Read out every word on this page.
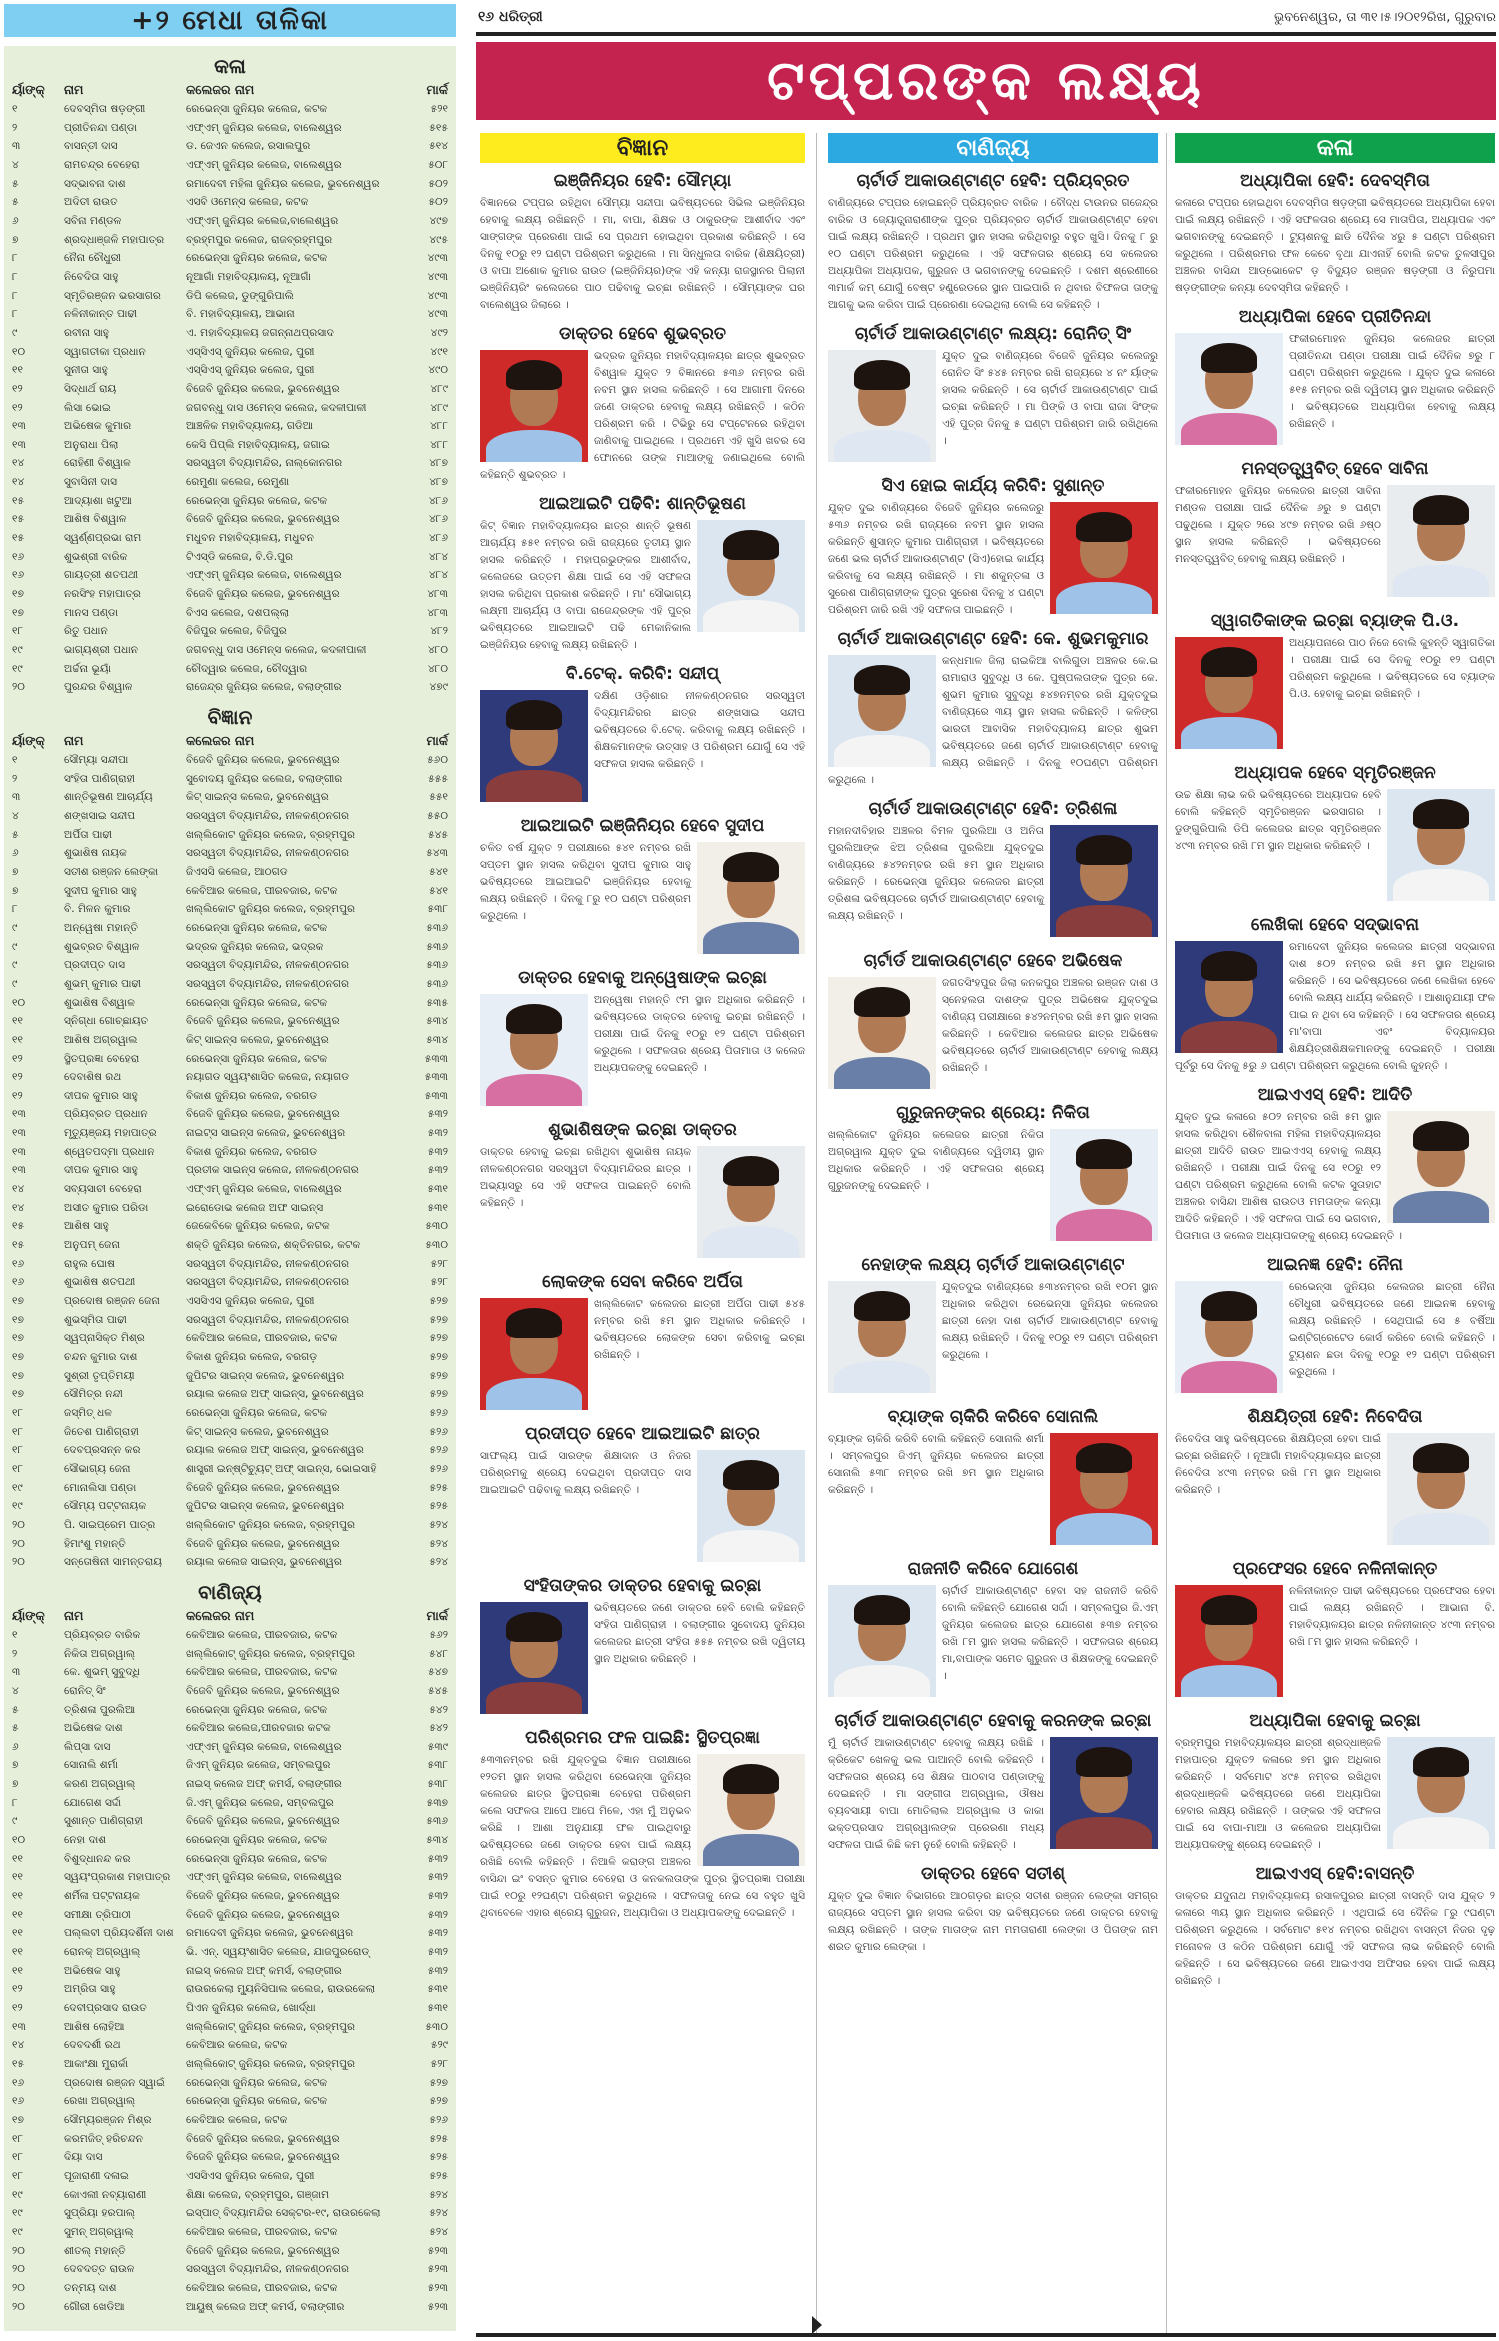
+୨ ମେଧା ତାଳିକା
କଳା
ର୍ୟାଙ୍କ୍	ନାମ	କଲେଜର ନାମ	ମାର୍କ
୧	ଦେବସ୍ମିତା ଷଡ଼ଙ୍ଗୀ	ରେଭେନ୍ସା ଜୁନିୟର କଲେଜ, କଟକ	୫୨୧
୨	ପ୍ରୀତିନନ୍ଦା ପଣ୍ଡା	ଏଫ୍ଏମ୍ ଜୁନିୟର କଲେଜ, ବାଲେଶ୍ୱର	୫୧୫
୩	ବାସନ୍ତୀ ଦାସ	ଡ. ଜେଏନ କଲେଜ, ରସାଲପୁର	୫୧୪
୪	ରାମଚନ୍ଦ୍ର ବେହେରା	ଏଫ୍ଏମ୍ ଜୁନିୟର କଲେଜ, ବାଲେଶ୍ୱର	୫୦୮
୫	ସଦ୍ଭାବନା ଦାଶ	ରମାଦେବୀ ମହିଳା ଜୁନିୟର କଲେଜ, ଭୁବନେଶ୍ୱର	୫୦୨
୫	ଅଦିତୀ ରାଉତ	ଏସବି ଓମେନ୍ସ କଲେଜ, କଟକ	୫୦୨
୬	ସବିନା ମଣ୍ଡଳ	ଏଫ୍ଏମ୍ ଜୁନିୟର କଲେଜ,ବାଲେଶ୍ୱର	୪୯୭
୭	ଶ୍ରଦ୍ଧାଞ୍ଜଳି ମହାପାତ୍ର	ବ୍ରହ୍ମପୁର କଲେଜ, ରାଜବ୍ରହ୍ମପୁର	୪୯୫
୮	ନୈନା ଚୌଧୁରୀ	ରେଭେନ୍ସା ଜୁନିୟର କଲେଜ, କଟକ	୪୯୩
୮	ନିବେଦିତା ସାହୁ	ନୂଆଗାଁ ମହାବିଦ୍ୟାଳୟ, ନୂଆଗାଁ	୪୯୩
୮	ସ୍ମୃତିରଞ୍ଜନ ଭରସାଗର	ଡିପି କଲେଜ, ଡୁଙ୍ଗୁରିପାଲି	୪୯୩
୮	ନଳିନୀକାନ୍ତ ପାଢୀ	ବି. ମହାବିଦ୍ୟାଳୟ, ଆଭାନା	୪୯୩
୯	ରବୀନା ସାହୁ	ଏ. ମହାବିଦ୍ୟାଳୟ ଜଗନ୍ନାଥପ୍ରସାଦ	୪୯୨
୧୦	ସ୍ୱାଗତୀକା ପ୍ରଧାନ	ଏସ୍ସିଏସ୍ ଜୁନିୟର କଲେଜ, ପୁରୀ	୪୯୧
୧୧	ସୁନୀତା ସାହୁ	ଏସ୍ସିଏସ୍ ଜୁନିୟର କଲେଜ, ପୁରୀ	୪୯୦
୧୨	ସିଦ୍ଧାର୍ଥ ରାୟ	ବିଜେବି ଜୁନିୟର କଲେଜ, ଭୁବନେଶ୍ୱର	୪୮୯
୧୨	ଲିସା ଭୋଇ	ଜଗବନ୍ଧୁ ଦାସ ଓମେନ୍ସ କଲେଜ, କଦଳୀପାଳୀ	୪୮୯
୧୩	ଅଭିଷେକ କୁମାର	ଆଞ୍ଚଳିକ ମହାବିଦ୍ୟାଳୟ, ଗଡିଆ	୪୮୮
୧୩	ଅନୁରାଧା ପିଲା	କେସି ପିପ୍ଲି ମହାବିଦ୍ୟାଳୟ, ଜଗାଇ	୪୮୮
୧୪	ରୋହିଣୀ ବିଶ୍ୱାଳ	ସରସ୍ୱତୀ ବିଦ୍ୟାମନ୍ଦିର, ନାଲ୍କୋନଗର	୪୮୭
୧୪	ସୁବାସିନୀ ଦାସ	ରେମୁଣା କଲେଜ, ରେମୁଣା	୪୮୭
୧୫	ଆଦ୍ୟାଶା ଖଟୁଆ	ରେଭେନ୍ସା ଜୁନିୟର କଲେଜ, କଟକ	୪୮୬
୧୫	ଆଶିଷ ବିଶ୍ୱାଳ	ବିଜେବି ଜୁନିୟର କଲେଜ, ଭୁବନେଶ୍ୱର	୪୮୬
୧୫	ସ୍ୱର୍ଣ୍ଣପ୍ରଭା ରାମ	ମଧୁବନ ମହାବିଦ୍ୟାଳୟ, ମଧୁବନ	୪୮୬
୧୬	ଶୁଭଶ୍ରୀ ବାରିକ	ଟିଏସ୍ଡି କଲେଜ, ବି.ଡି.ପୁର	୪୮୪
୧୬	ଗାୟତ୍ରୀ ଶତପଥୀ	ଏଫ୍ଏମ୍ ଜୁନିୟର କଲେଜ, ବାଲେଶ୍ୱର	୪୮୪
୧୭	ନରସିଂହ ମହାପାତ୍ର	ବିଜେବି ଜୁନିୟର କଲେଜ, ଭୁବନେଶ୍ୱର	୪୮୩
୧୭	ମାନସ ପଣ୍ଡା	ବିଏସ କଲେଜ, ଦଶପଲ୍ଲା	୪୮୩
୧୮	ରିତୁ ପଧାନ	ବିଜିପୁର କଲେଜ, ବିଜିପୁର	୪୮୨
୧୯	ଭାଗ୍ୟଶ୍ରୀ ପଧାନ	ଜଗବନ୍ଧୁ ଦାସ ଓମେନ୍ସ କଲେଜ, କଦଳୀପାଳୀ	୪୮୦
୧୯	ଅର୍ଚ୍ଚନା ଭୂୟାଁ	ଚୌଦ୍ୱାର କଲେଜ, ଚୌଦ୍ୱାର	୪୮୦
୨୦	ପୁରନ୍ଦର ବିଶ୍ୱାଳ	ରାଜେନ୍ଦ୍ର ଜୁନିୟର କଲେଜ, ବଲାଙ୍ଗୀର	୪୭୯
ବିଜ୍ଞାନ
ର୍ୟାଙ୍କ୍	ନାମ	କଲେଜର ନାମ	ମାର୍କ
୧	ସୌମ୍ୟା ସନ୍ଦୀପା	ବିଜେବି ଜୁନିୟର କଲେଜ, ଭୁବନେଶ୍ୱର	୫୬୦
୨	ସଂହିତା ପାଣିଗ୍ରାହୀ	ସୁବୋଦୟ ଜୁନିୟର କଲେଜ, ବଲାଙ୍ଗୀର	୫୫୫
୩	ଶାନ୍ତିଭୂଷଣ ଆଚାର୍ଯ୍ୟ	କିଟ୍ ସାଇନ୍ସ କଲେଜ, ଭୁବନେଶ୍ୱର	୫୫୧
୪	ଶଙ୍ଖସାଇ ସନ୍ଦୀପ	ସରସ୍ୱତୀ ବିଦ୍ୟାମନ୍ଦିର, ନୀଳକଣ୍ଠନଗର	୫୫୦
୫	ଅର୍ପିତା ପାଢୀ	ଖଲ୍ଲିକୋଟ ଜୁନିୟର କଲେଜ, ବ୍ରହ୍ମପୁର	୫୪୫
୬	ଶୁଭାଶିଷ ନାୟକ	ସରସ୍ୱତୀ ବିଦ୍ୟାମନ୍ଦିର, ନୀଳକଣ୍ଠନଗର	୫୪୩
୭	ସତୀଶ ରଞ୍ଜନ ଲେଙ୍କା	ଜିଏସସି କଲେଜ, ଆଠଗଡ	୫୪୧
୭	ସୁଦୀପ କୁମାର ସାହୁ	କେବିଆର କଲେଜ, ପୀରବଜାର, କଟକ	୫୪୧
୮	ବି. ମିଳନ କୁମାର	ଖଲ୍ଲିକୋଟ ଜୁନିୟର କଲେଜ, ବ୍ରହ୍ମପୁର	୫୩୮
୯	ଅନ୍ୱେଷା ମହାନ୍ତି	ରେଭେନ୍ସା ଜୁନିୟର କଲେଜ, କଟକ	୫୩୬
୯	ଶୁଭବ୍ରତ ବିଶ୍ୱାଳ	ଭଦ୍ରକ ଜୁନିୟର କଲେଜ, ଭଦ୍ରକ	୫୩୬
୯	ପ୍ରଦୀପ୍ତ ଦାସ	ସରସ୍ୱତୀ ବିଦ୍ୟାମନ୍ଦିର, ନୀଳକଣ୍ଠନଗର	୫୩୬
୯	ଶୁଭମ୍ କୁମାର ପାଢୀ	ସରସ୍ୱତୀ ବିଦ୍ୟାମନ୍ଦିର, ନୀଳକଣ୍ଠନଗର	୫୩୬
୧୦	ଶୁଭାଶିଷ ବିଶ୍ୱାଳ	ରେଭେନ୍ସା ଜୁନିୟର କଲେଜ, କଟକ	୫୩୫
୧୧	ସ୍ନିଗ୍ଧା ଗୋଚ୍ଛାୟତ	ବିଜେବି ଜୁନିୟର କଲେଜ, ଭୁବନେଶ୍ୱର	୫୩୪
୧୧	ଆଶିଷ ଅଗ୍ରୱାଲ	କିଟ୍ ସାଇନ୍ସ କଲେଜ, ଭୁବନେଶ୍ୱର	୫୩୪
୧୨	ସ୍ଥିତପ୍ରଜ୍ଞା ବେହେରା	ରେଭେନ୍ସା ଜୁନିୟର କଲେଜ, କଟକ	୫୩୩
୧୨	ଦେବାଶିଷ ରଥ	ନୟାଗଡ ସ୍ୱୟଂଶାସିତ କଲେଜ, ନୟାଗଡ	୫୩୩
୧୨	ଦୀପକ କୁମାର ସାହୁ	ବିକାଶ ଜୁନିୟର କଲେଜ, ବରଗଡ	୫୩୩
୧୩	ପ୍ରିୟବ୍ରତ ପ୍ରଧାନ	ବିଜେବି ଜୁନିୟର କଲେଜ, ଭୁବନେଶ୍ୱର	୫୩୨
୧୩	ମୃତ୍ୟୁଞ୍ଜୟ ମହାପାତ୍ର	ନାଇଟ୍ସ ସାଇନ୍ସ କଲେଜ, ଭୁବନେଶ୍ୱର	୫୩୨
୧୩	ଶ୍ୱେତପଦ୍ମା ପ୍ରଧାନ	ବିକାଶ ଜୁନିୟର କଲେଜ, ବରଗଡ	୫୩୨
୧୩	ଦୀପକ କୁମାର ସାହୁ	ପ୍ରତୀକ ସାଇନ୍ସ କଲେଜ, ନୀଳକଣ୍ଠନଗର	୫୩୨
୧୪	ସବ୍ୟସାଚୀ ବେହେରା	ଏଫ୍ଏମ୍ ଜୁନିୟର କଲେଜ, ବାଲେଶ୍ୱର	୫୩୧
୧୪	ଅସୀତ କୁମାର ପରିଡା	ଇରୋଡୋଭ କଲେଜ ଅଫ ସାଇନ୍ସ	୫୩୧
୧୫	ଆଶିଷ ସାହୁ	ଜେକେବିକେ ଜୁନିୟର କଲେଜ, କଟକ	୫୩୦
୧୫	ଅନୁପମ୍ ଜେନା	ଶକ୍ତି ଜୁନିୟର କଲେଜ, ଶକ୍ତିନଗର, କଟକ	୫୩୦
୧୬	ରାହୁଲ ଘୋଷ	ସରସ୍ୱତୀ ବିଦ୍ୟାମନ୍ଦିର, ନୀଳକଣ୍ଠନଗର	୫୨୮
୧୬	ଶୁଭାଶିଷ ଶତପଥୀ	ସରସ୍ୱତୀ ବିଦ୍ୟାମନ୍ଦିର, ନୀଳକଣ୍ଠନଗର	୫୨୮
୧୭	ପ୍ରଦୋଷ ରଞ୍ଜନ ଜେନା	ଏସସିଏସ ଜୁନିୟର କଲେଜ, ପୁରୀ	୫୨୭
୧୭	ଶୁଭସ୍ମିତା ପାଢୀ	ସରସ୍ୱତୀ ବିଦ୍ୟାମନ୍ଦିର, ନୀଳକଣ୍ଠନଗର	୫୨୭
୧୭	ସ୍ୱପ୍ନାସିକ୍ତ ମିଶ୍ର	କେବିଆର କଲେଜ, ପୀରବଜାର, କଟକ	୫୨୭
୧୭	ଚନ୍ଦନ କୁମାର ଦାଶ	ବିକାଶ ଜୁନିୟର କଲେଜ, ବରଗଡ଼	୫୨୭
୧୭	ସୁଶ୍ରୀ ତୃପ୍ତିମୟୀ	ଜୁପିଟର ସାଇନ୍ସ କଲେଜ, ଭୁବନେଶ୍ୱର	୫୨୭
୧୭	ସୌମିତ୍ର ନନ୍ଦୀ	ରୟାଲ କଲେଜ ଅଫ୍ ସାଇନ୍ସ, ଭୁବନେଶ୍ୱର	୫୨୭
୧୮	ଜସ୍ମିତ୍ ଧଳ	ରେଭେନ୍ସା ଜୁନିୟର କଲେଜ, କଟକ	୫୨୬
୧୮	ଜିତେଶ ପାଣିଗ୍ରାହୀ	କିଟ୍ ସାଇନ୍ସ କଲେଜ, ଭୁବନେଶ୍ୱର	୫୨୬
୧୮	ଦେବପ୍ରସନ୍ନ କର	ରୟାଲ କଲେଜ ଅଫ୍ ସାଇନ୍ସ, ଭୁବନେଶ୍ୱର	୫୨୬
୧୮	ସୌଭାଗ୍ୟ ଜେନା	ଶାସ୍ତ୍ରୀ ଇନ୍ଷ୍ଟିଚ୍ୟୁଟ୍ ଅଫ୍ ସାଇନ୍ସ, ଭୋଇସାହି	୫୨୬
୧୯	ମୋନାଲିସା ପଣ୍ଡା	ବିଜେବି ଜୁନିୟର କଲେଜ, ଭୁବନେଶ୍ୱର	୫୨୫
୧୯	ସୌମ୍ୟ ପଟ୍ଟନାୟକ	ଜୁପିଟର ସାଇନ୍ସ କଲେଜ, ଭୁବନେଶ୍ୱର	୫୨୫
୨୦	ପି. ସାଇପ୍ରେମ ପାତ୍ର	ଖଲ୍ଲିକୋଟ ଜୁନିୟର କଲେଜ, ବ୍ରହ୍ମପୁର	୫୨୪
୨୦	ହିମାଂଶୁ ମହାନ୍ତି	ବିଜେବି ଜୁନିୟର କଲେଜ, ଭୁବନେଶ୍ୱର	୫୨୪
୨୦	ସନ୍ତୋଷିନୀ ସାମନ୍ତରାୟ	ରୟାଲ କଲେଜ ସାଇନ୍ସ, ଭୁବନେଶ୍ୱର	୫୨୪
ବାଣିଜ୍ୟ
ର୍ୟାଙ୍କ୍	ନାମ	କଲେଜର ନାମ	ମାର୍କ
୧	ପ୍ରିୟବ୍ରତ ବାରିକ	କେବିଆର କଲେଜ, ପୀରବଜାର, କଟକ	୫୬୨
୨	ନିକିତା ଅଗ୍ରୱାଲ୍	ଖଲ୍ଲିକୋଟ୍ ଜୁନିୟର କଲେଜ, ବ୍ରହ୍ମପୁର	୫୪୮
୩	କେ. ଶୁଭମ୍ ସୁବୁଦ୍ଧି	କେବିଆର କଲେଜ, ପୀରବଜାର, କଟକ	୫୪୭
୪	ରୋନିତ୍ ସିଂ	ବିଜେବି ଜୁନିୟର କଲେଜ, ଭୁବନେଶ୍ୱର	୫୪୫
୫	ତ୍ରିଶଳା ପୁରଲିଆ	ରେଭେନ୍ସା ଜୁନିୟର କଲେଜ, କଟକ	୫୪୨
୫	ଅଭିଷେକ ଦାଶ	କେବିଆର କଲେଜ,ପୀରବଜାର କଟକ	୫୪୨
୬	ଲିପ୍ସା ଦାସ	ଏଫ୍ଏମ୍ ଜୁନିୟର କଲେଜ, ବାଲେଶ୍ୱର	୫୩୯
୭	ସୋନାଲି ଶର୍ମା	ଜିଏମ୍ ଜୁନିୟର କଲେଜ, ସମ୍ବଲପୁର	୫୩୮
୭	କରଣ ଅଗ୍ରୱାଲ୍	ନାଇସ୍ କଲେଜ ଅଫ୍ କମର୍ସ, ବଲାଙ୍ଗୀର	୫୩୮
୮	ଯୋଗେଶ ସର୍ଦ୍ଦା	ଜି.ଏମ୍ ଜୁନିୟର କଲେଜ, ସମ୍ବଲପୁର	୫୩୭
୯	ସୁଶାନ୍ତ ପାଣିଗ୍ରାହୀ	ବିଜେବି ଜୁନିୟର କଲେଜ, ଭୁବନେଶ୍ୱର	୫୩୬
୧୦	ନେହା ଦାଶ	ରେଭେନ୍ସା ଜୁନିୟର କଲେଜ, କଟକ	୫୩୪
୧୧	ବିଶୁଦ୍ଧାନନ୍ଦ କର	ରେଭେନ୍ସା ଜୁନିୟର କଲେଜ, କଟକ	୫୩୨
୧୧	ସ୍ୱୟଂପ୍ରକାଶ ମହାପାତ୍ର	ଏଫ୍ଏମ୍ ଜୁନିୟର କଲେଜ, ବାଲେଶ୍ୱର	୫୩୨
୧୧	ଶର୍ମିଳା ପଟ୍ଟନାୟକ	ବିଜେବି ଜୁନିୟର କଲେଜ, ଭୁବନେଶ୍ୱର	୫୩୨
୧୧	ସମୀକ୍ଷା ତ୍ରିପାଠୀ	ବିଜେବି ଜୁନିୟର କଲେଜ, ଭୁବନେଶ୍ୱର	୫୩୨
୧୧	ପଲ୍ଲବୀ ପ୍ରିୟଦର୍ଶିନୀ ଦାଶ	ରମାଦେବୀ ଜୁନିୟର କଲେଜ, ଭୁବନେଶ୍ୱର	୫୩୨
୧୧	ରୋନକ୍ ଅଗ୍ରୱାଲ୍	ଭି. ଏନ୍. ସ୍ୱୟଂଶାସିତ କଲେଜ, ଯାଜପୁରରୋଡ୍	୫୩୨
୧୧	ଅଭିଷେକ ସାହୁ	ନାଇସ୍ କଲେଜ ଅଫ୍ କମର୍ସ, ବଲାଙ୍ଗୀର	୫୩୨
୧୨	ଅମ୍ରିତା ସାହୁ	ରାଉରକେଲା ମ୍ୟୁନିସିପାଲ କଲେଜ, ରାଉରକେଲା	୫୩୧
୧୨	ଦେବୀପ୍ରସାଦ ରାଉତ	ପିଏନ ଜୁନିୟର କଲେଜ, ଖୋର୍ଦ୍ଧା	୫୩୧
୧୩	ଆଶିଷ ଲୋହିଆ	ଖଲ୍ଲିକୋଟ୍ ଜୁନିୟର କଲେଜ, ବ୍ରହ୍ମପୁର	୫୩୦
୧୪	ଦେବଦର୍ଶୀ ରଥ	କେବିଆର କଲେଜ, କଟକ	୫୨୯
୧୫	ଆକାଂକ୍ଷା ମୁରାର୍କା	ଖଲ୍ଲିକୋଟ୍ ଜୁନିୟର କଲେଜ, ବ୍ରହ୍ମପୁର	୫୨୮
୧୬	ପ୍ରଦୋଷ ରଞ୍ଜନ ସ୍ୱାଇଁ	ରେଭେନ୍ସା ଜୁନିୟର କଲେଜ, କଟକ	୫୨୭
୧୬	ରେଖା ଅଗ୍ରୱାଲ୍	ରେଭେନ୍ସା ଜୁନିୟର କଲେଜ, କଟକ	୫୨୭
୧୭	ସୌମ୍ୟରଞ୍ଜନ ମିଶ୍ର	କେବିଆର କଲେଜ, କଟକ	୫୨୬
୧୮	କରମଜିତ୍ ହରିଚନ୍ଦନ	ବିଜେବି ଜୁନିୟର କଲେଜ, ଭୁବନେଶ୍ୱର	୫୨୫
୧୮	ଦିୟା ଦାସ	ବିଜେବି ଜୁନିୟର କଲେଜ, ଭୁବନେଶ୍ୱର	୫୨୫
୧୮	ପୂଜାରାଣୀ ଦଳାଇ	ଏସସିଏସ ଜୁନିୟର କଲେଜ, ପୁରୀ	୫୨୫
୧୯	କୋଏଲୀ ନବ୍ୟାରାଣୀ	ଶିକ୍ଷା କଲେଜ, ବ୍ରହ୍ମପୁର, ଗଞ୍ଜାମ	୫୨୪
୧୯	ସୁପ୍ରିୟା ହରପାଲ୍	ଇସ୍ପାତ୍ ବିଦ୍ୟାମନ୍ଦିର ସେକ୍ଟର-୧୯, ରାଉରକେଲା	୫୨୪
୧୯	ସୁମନ୍ ଅଗ୍ରୱାଲ୍	କେବିଆର କଲେଜ, ପୀରବଜାର, କଟକ	୫୨୪
୨୦	ଶୀତଲ୍ ମହାନ୍ତି	ବିଜେବି ଜୁନିୟର କଲେଜ, ଭୁବନେଶ୍ୱର	୫୨୩
୨୦	ଦେବଦତ୍ତ ରାଉଳ	ସରସ୍ୱତୀ ବିଦ୍ୟାମନ୍ଦିର, ନୀଳକଣ୍ଠନଗର	୫୨୩
୨୦	ତନ୍ମୟ ଦାଶ	କେବିଆର କଲେଜ, ପୀରବଜାର, କଟକ	୫୨୩
୨୦	ଗୌରୀ ଖେଡିଆ	ଆୟୁଷ୍ କଲେଜ ଅଫ୍ କମର୍ସ, ବଲାଙ୍ଗୀର	୫୨୩
୧୬ ଧରିତ୍ରୀ	ଭୁବନେଶ୍ୱର, ତା ୩୧।୫।୨୦୧୨ରିଖ, ଗୁରୁବାର
ଟପ୍ପରଙ୍କ ଲକ୍ଷ୍ୟ
ବିଜ୍ଞାନ
ଇଞ୍ଜିନିୟର ହେବି: ସୌମ୍ୟା

ବିଜ୍ଞାନରେ ଟପ୍ପର ରହିଥିବା ସୌମ୍ୟା ସନ୍ଦୀପା ଭବିଷ୍ୟତରେ ସିଭିଲ ଇଞ୍ଜିନିୟର ହେବାକୁ ଲକ୍ଷ୍ୟ ରଖିଛନ୍ତି । ମା, ବାପା, ଶିକ୍ଷକ ଓ ଠାକୁରଙ୍କ ଆଶୀର୍ବାଦ ଏବଂ ସାଙ୍ଗଙ୍କ ପ୍ରେରଣା ପାଇଁ ସେ ପ୍ରଥମ ହୋଇଥିବା ପ୍ରକାଶ କରିଛନ୍ତି । ସେ ଦିନକୁ ୧୦ରୁ ୧୨ ଘଣ୍ଟା ପରିଶ୍ରମ କରୁଥିଲେ । ମା ସିନ୍ଧୁଲତା ବାରିକ (ଶିକ୍ଷୟିତ୍ରୀ) ଓ ବାପା ଅଶୋକ କୁମାର ରାଉତ (ଇଞ୍ଜିନିୟର)ଙ୍କ ଏହି କନ୍ୟା ରାଜସ୍ଥାନର ପିଲାନୀ ଇଞ୍ଜିନିୟରିଂ କଲେଜରେ ପାଠ ପଢିବାକୁ ଇଚ୍ଛା ରଖିଛନ୍ତି । ସୌମ୍ୟାଙ୍କ ଘର ବାଲେଶ୍ୱର ଜିଲାରେ ।

ଡାକ୍ତର ହେବେ ଶୁଭବ୍ରତ

ଭଦ୍ରକ ଜୁନିୟର ମହାବିଦ୍ୟାଳୟର ଛାତ୍ର ଶୁଭବ୍ରତ ବିଶ୍ୱାଳ ଯୁକ୍ତ ୨ ବିଜ୍ଞାନରେ ୫୩୬ ନମ୍ବର ରଖି ନବମ ସ୍ଥାନ ହାସଲ କରିଛନ୍ତି । ସେ ଆଗାମୀ ଦିନରେ ଜଣେ ଡାକ୍ତର ହେବାକୁ ଲକ୍ଷ୍ୟ ରଖିଛନ୍ତି । କଠିନ ପରିଶ୍ରମ କରି । ଟିଭିରୁ ସେ ଟପ୍ଟେନରେ ରହିଥିବା ଜାଣିବାକୁ ପାଇଥିଲେ । ପ୍ରଥମେ ଏହି ଖୁସି ଖବର ସେ ଫୋନରେ ତାଙ୍କ ମାଆଙ୍କୁ ଜଣାଇଥିଲେ ବୋଲି କହିଛନ୍ତି ଶୁଭବ୍ରତ ।

ଆଇଆଇଟି ପଢିବି: ଶାନ୍ତିଭୂଷଣ

କିଟ୍ ବିଜ୍ଞାନ ମହାବିଦ୍ୟାଳୟର ଛାତ୍ର ଶାନ୍ତି ଭୂଷଣ ଆଚାର୍ଯ୍ୟ ୫୫୧ ନମ୍ବର ରଖି ରାଜ୍ୟରେ ତୃତୀୟ ସ୍ଥାନ ହାସଲ କରିଛନ୍ତି । ମହାପ୍ରଭୁଙ୍କର ଆଶୀର୍ବାଦ, କଲେଜରେ ଉତ୍ତମ ଶିକ୍ଷା ପାଇଁ ସେ ଏହି ସଫଳତା ହାସଲ କରିଥିବା ପ୍ରକାଶ କରିଛନ୍ତି । ମା' ସୌଭାଗ୍ୟ ଲକ୍ଷ୍ମୀ ଆଚାର୍ଯ୍ୟ ଓ ବାପା ରାଜେନ୍ଦ୍ରଙ୍କ ଏହି ପୁତ୍ର ଭବିଷ୍ୟତରେ ଆଇଆଇଟି ପଢି ମେକାନିକାଲ ଇଞ୍ଜିନିୟର ହେବାକୁ ଲକ୍ଷ୍ୟ ରଖିଛନ୍ତି ।

ବି.ଟେକ୍. କରିବି: ସନ୍ଦୀପ୍

ଦକ୍ଷିଣ ଓଡ଼ିଶାର ନୀଳକଣ୍ଠନଗର ସରସ୍ୱତୀ ବିଦ୍ୟାମନ୍ଦିରର ଛାତ୍ର ଶଙ୍ଖସାଇ ସନ୍ଦୀପ ଭବିଷ୍ୟତରେ ବି.ଟେକ୍. କରିବାକୁ ଲକ୍ଷ୍ୟ ରଖିଛନ୍ତି । ଶିକ୍ଷକମାନଙ୍କ ଉତ୍ସାହ ଓ ପରିଶ୍ରମ ଯୋଗୁଁ ସେ ଏହି ସଫଳତା ହାସଲ କରିଛନ୍ତି ।

ଆଇଆଇଟି ଇଞ୍ଜିନିୟର ହେବେ ସୁଦୀପ

ଚଳିତ ବର୍ଷ ଯୁକ୍ତ ୨ ପରୀକ୍ଷାରେ ୫୪୧ ନମ୍ବର ରଖି ସପ୍ତମ ସ୍ଥାନ ହାସଲ କରିଥିବା ସୁଦୀପ କୁମାର ସାହୁ ଭବିଷ୍ୟତରେ ଆଇଆଇଟି ଇଞ୍ଜିନିୟର ହେବାକୁ ଲକ୍ଷ୍ୟ ରଖିଛନ୍ତି । ଦିନକୁ ୮ରୁ ୧୦ ଘଣ୍ଟା ପରିଶ୍ରମ କରୁଥିଲେ ।

ଡାକ୍ତର ହେବାକୁ ଅନ୍ୱେଷାଙ୍କ ଇଚ୍ଛା

ଅନ୍ୱେଷା ମହାନ୍ତି ୯ମ ସ୍ଥାନ ଅଧିକାର କରିଛନ୍ତି । ଭବିଷ୍ୟତରେ ଡାକ୍ତର ହେବାକୁ ଇଚ୍ଛା ରଖିଛନ୍ତି । ପରୀକ୍ଷା ପାଇଁ ଦିନକୁ ୧୦ରୁ ୧୨ ଘଣ୍ଟା ପରିଶ୍ରମ କରୁଥିଲେ । ସଫଳତାର ଶ୍ରେୟ ପିତାମାତା ଓ କଲେଜ ଅଧ୍ୟାପକଙ୍କୁ ଦେଇଛନ୍ତି ।

ଶୁଭାଶିଷଙ୍କ ଇଚ୍ଛା ଡାକ୍ତର

ଡାକ୍ତର ହେବାକୁ ଇଚ୍ଛା ରଖିଥିବା ଶୁଭାଶିଷ ନାୟକ ନୀଳକଣ୍ଠନଗର ସରସ୍ୱତୀ ବିଦ୍ୟାମନ୍ଦିରର ଛାତ୍ର । ଅଭ୍ୟାସରୁ ସେ ଏହି ସଫଳତା ପାଇଛନ୍ତି ବୋଲି କହିଛନ୍ତି ।

ଲୋକଙ୍କ ସେବା କରିବେ ଅର୍ପିତା

ଖଲ୍ଲିକୋଟ କଲେଜର ଛାତ୍ରୀ ଅର୍ପିତା ପାଢୀ ୫୪୫ ନମ୍ବର ରଖି ୫ମ ସ୍ଥାନ ଅଧିକାର କରିଛନ୍ତି । ଭବିଷ୍ୟତରେ ଲୋକଙ୍କ ସେବା କରିବାକୁ ଇଚ୍ଛା ରଖିଛନ୍ତି ।

ପ୍ରଦୀପ୍ତ ହେବେ ଆଇଆଇଟି ଛାତ୍ର

ସାଫଲ୍ୟ ପାଇଁ ସାରଙ୍କ ଶିକ୍ଷାଦାନ ଓ ନିଜର ପରିଶ୍ରମକୁ ଶ୍ରେୟ ଦେଇଥିବା ପ୍ରଦୀପ୍ତ ଦାସ ଆଇଆଇଟି ପଢିବାକୁ ଲକ୍ଷ୍ୟ ରଖିଛନ୍ତି ।

ସଂହିତାଙ୍କର ଡାକ୍ତର ହେବାକୁ ଇଚ୍ଛା

ଭବିଷ୍ୟତରେ ଜଣେ ଡାକ୍ତର ହେବି ବୋଲି କହିଛନ୍ତି ସଂହିତା ପାଣିଗ୍ରାହୀ । ବଲାଙ୍ଗୀର ସୁବୋଦୟ ଜୁନିୟର କଲେଜର ଛାତ୍ରୀ ସଂହିତା ୫୫୫ ନମ୍ବର ରଖି ଦ୍ୱିତୀୟ ସ୍ଥାନ ଅଧିକାର କରିଛନ୍ତି ।

ପରିଶ୍ରମର ଫଳ ପାଇଛି: ସ୍ଥିତପ୍ରଜ୍ଞା

୫୩୩ନମ୍ବର ରଖି ଯୁକ୍ତଦୁଇ ବିଜ୍ଞାନ ପରୀକ୍ଷାରେ ୧୨ତମ ସ୍ଥାନ ହାସଲ କରିଥିବା ରେଭେନ୍ସା ଜୁନିୟର କଲେଜର ଛାତ୍ର ସ୍ଥିତପ୍ରଜ୍ଞା ବେହେରା ପରିଶ୍ରମ କଲେ ସଫଳତା ଆପେ ଆପେ ମିଳେ, ଏହା ମୁଁ ଅନୁଭବ କରିଛି । ଆଶା ଅନୁଯାୟୀ ଫଳ ପାଇଥିବାରୁ ଭବିଷ୍ୟତରେ ଜଣେ ଡାକ୍ତର ହେବା ପାଇଁ ଲକ୍ଷ୍ୟ ରଖିଛି ବୋଲି କହିଛନ୍ତି । ନିଆଳି କରାଙ୍ଗ ଅଞ୍ଚଳର ବାସିନ୍ଦା ଇଂ ବସନ୍ତ କୁମାର ବେହେରା ଓ କନକଲତାଙ୍କ ପୁତ୍ର ସ୍ଥିତପ୍ରଜ୍ଞା ପରୀକ୍ଷା ପାଇଁ ୧୦ରୁ ୧୨ଘଣ୍ଟା ପରିଶ୍ରମ କରୁଥିଲେ । ସଫଳତାକୁ ନେଇ ସେ ବହୁତ ଖୁସି ଥିବାବେଳେ ଏହାର ଶ୍ରେୟ ଗୁରୁଜନ, ଅଧ୍ୟାପିକା ଓ ଅଧ୍ୟାପକଙ୍କୁ ଦେଇଛନ୍ତି ।

ବାଣିଜ୍ୟ
ଚାର୍ଟାର୍ଡ ଆକାଉଣ୍ଟାଣ୍ଟ ହେବି: ପ୍ରିୟବ୍ରତ

ବାଣିଜ୍ୟରେ ଟପ୍ପର ହୋଇଛନ୍ତି ପ୍ରିୟବ୍ରତ ବାରିକ । ବୌଦ୍ଧ ଟାଉନର ଗଜେନ୍ଦ୍ର ବାରିକ ଓ ଜ୍ୟୋତ୍ସ୍ନାରାଣୀଙ୍କ ପୁତ୍ର ପ୍ରିୟବ୍ରତ ଚାର୍ଟାର୍ଡ ଆକାଉଣ୍ଟାଣ୍ଟ ହେବା ପାଇଁ ଲକ୍ଷ୍ୟ ରଖିଛନ୍ତି । ପ୍ରଥମ ସ୍ଥାନ ହାସଲ କରିଥିବାରୁ ବହୁତ ଖୁସି। ଦିନକୁ ୮ ରୁ ୧୦ ଘଣ୍ଟା ପରିଶ୍ରମ କରୁଥିଲେ । ଏହି ସଫଳତାର ଶ୍ରେୟ ସେ କଲେଜର ଅଧ୍ୟାପିକା ଅଧ୍ୟାପକ, ଗୁରୁଜନ ଓ ଭଗବାନଙ୍କୁ ଦେଇଛନ୍ତି । ଦଶମ ଶ୍ରେଣୀରେ ୩ମାର୍କ କମ୍ ଯୋଗୁଁ ବେଷ୍ଟ ହଣ୍ଡ୍ରେଡରେ ସ୍ଥାନ ପାଇପାରି ନ ଥିବାର ବିଫଳତା ତାଙ୍କୁ ଆଗକୁ ଭଲ କରିବା ପାଇଁ ପ୍ରେରଣା ଦେଇଥିଲା ବୋଲି ସେ କହିଛନ୍ତି ।

ଚାର୍ଟାର୍ଡ ଆକାଉଣ୍ଟାଣ୍ଟ ଲକ୍ଷ୍ୟ: ରୋନିତ୍ ସିଂ

ଯୁକ୍ତ ଦୁଇ ବାଣିଜ୍ୟରେ ବିଜେବି ଜୁନିୟର କଲେଜରୁ ରୋନିତ ସିଂ ୫୪୫ ନମ୍ବର ରଖି ରାଜ୍ୟରେ ୪ ନଂ ର୍ୟାଙ୍କ ହାସଲ କରିଛନ୍ତି । ସେ ଚାର୍ଟାର୍ଡ ଆକାଉଣ୍ଟାଣ୍ଟ ପାଇଁ ଇଚ୍ଛା କରିଛନ୍ତି । ମା ପିଙ୍କି ଓ ବାପା ରାଜା ସିଂଙ୍କ ଏହି ପୁତ୍ର ଦିନକୁ ୫ ଘଣ୍ଟା ପରିଶ୍ରମ ଜାରି ରଖିଥିଲେ ।

ସିଏ ହୋଇ କାର୍ଯ୍ୟ କରିବି: ସୁଶାନ୍ତ

ଯୁକ୍ତ ଦୁଇ ବାଣିଜ୍ୟରେ ବିଜେବି ଜୁନିୟର କଲେଜରୁ ୫୩୬ ନମ୍ବର ରଖି ରାଜ୍ୟରେ ନବମ ସ୍ଥାନ ହାସଲ କରିଛନ୍ତି ଶୁସାନ୍ତ କୁମାର ପାଣିଗ୍ରାହୀ । ଭବିଷ୍ୟତରେ ଜଣେ ଭଲ ଚାର୍ଟାର୍ଡ ଆକାଉଣ୍ଟାଣ୍ଟ (ସିଏ)ହୋଇ କାର୍ଯ୍ୟ କରିବାକୁ ସେ ଲକ୍ଷ୍ୟ ରଖିଛନ୍ତି । ମା ଶକୁନ୍ତଳା ଓ ସୁରେଶ ପାଣିଗ୍ରାହୀଙ୍କ ପୁତ୍ର ସୁରେଶ ଦିନକୁ ୪ ଘଣ୍ଟା ପରିଶ୍ରମ ଜାରି ରଖି ଏହି ସଫଳତା ପାଇଛନ୍ତି ।

ଚାର୍ଟାର୍ଡ ଆକାଉଣ୍ଟାଣ୍ଟ ହେବି: କେ. ଶୁଭମକୁମାର

କନ୍ଧମାଳ ଜିଲା ରାଇକିଆ ବାଲିଗୁଡା ଅଞ୍ଚଳର କେ.ଇ ରାମାରାଓ ସୁବୁଦ୍ଧି ଓ କେ. ପୁଷ୍ପଲତାଙ୍କ ପୁତ୍ର କେ. ଶୁଭମ କୁମାର ସୁବୁଦ୍ଧି ୫୪୭ନମ୍ବର ରଖି ଯୁକ୍ତଦୁଇ ବାଣିଜ୍ୟରେ ୩ୟ ସ୍ଥାନ ହାସଲ କରିଛନ୍ତି । କଳିଙ୍ଗ ଭାରତୀ ଆବାସିକ ମହାବିଦ୍ୟାଳୟ ଛାତ୍ର ଶୁଭମ ଭବିଷ୍ୟତରେ ଜଣେ ଚାର୍ଟାର୍ଡ ଆକାଉଣ୍ଟାଣ୍ଟ ହେବାକୁ ଲକ୍ଷ୍ୟ ରଖିଛନ୍ତି । ଦିନକୁ ୧୦ଘଣ୍ଟା ପରିଶ୍ରମ କରୁଥିଲେ ।

ଚାର୍ଟାର୍ଡ ଆକାଉଣ୍ଟାଣ୍ଟ ହେବି: ତ୍ରିଶଳା

ମହାନଦୀବିହାର ଅଞ୍ଚଳର ବିମଳ ପୁରଲିଆ ଓ ଅନିତା ପୁରଲିଆଙ୍କ ଝିଅ ତ୍ରିଶଳା ପୁରଲିଆ ଯୁକ୍ତଦୁଇ ବାଣିଜ୍ୟରେ ୫୪୨ନମ୍ବର ରଖି ୫ମ ସ୍ଥାନ ଅଧିକାର କରିଛନ୍ତି । ରେଭେନ୍ସା ଜୁନିୟର କଲେଜର ଛାତ୍ରୀ ତ୍ରିଶଳା ଭବିଷ୍ୟତରେ ଚାର୍ଟାର୍ଡ ଆକାଉଣ୍ଟାଣ୍ଟ ହେବାକୁ ଲକ୍ଷ୍ୟ ରଖିଛନ୍ତି ।

ଚାର୍ଟାର୍ଡ ଆକାଉଣ୍ଟାଣ୍ଟ ହେବେ ଅଭିଷେକ

ଜଗତସିଂହପୁର ଜିଲା କନକପୁର ଅଞ୍ଚଳର ରଞ୍ଜନ ଦାଶ ଓ ସ୍ନେହଲତା ଦାଶଙ୍କ ପୁତ୍ର ଅଭିଷେକ ଯୁକ୍ତଦୁଇ ବାଣିଜ୍ୟ ପରୀକ୍ଷାରେ ୫୪୨ନମ୍ବର ରଖି ୫ମ ସ୍ଥାନ ହାସଲ କରିଛନ୍ତି । କେବିଆର କଲେଜର ଛାତ୍ର ଅଭିଷେକ ଭବିଷ୍ୟତରେ ଚାର୍ଟାର୍ଡ ଆକାଉଣ୍ଟାଣ୍ଟ ହେବାକୁ ଲକ୍ଷ୍ୟ ରଖିଛନ୍ତି ।

ଗୁରୁଜନଙ୍କର ଶ୍ରେୟ: ନିକିତା

ଖଲ୍ଲିକୋଟ ଜୁନିୟର କଲେଜର ଛାତ୍ରୀ ନିକିତା ଅଗ୍ରୱାଲ ଯୁକ୍ତ ଦୁଇ ବାଣିଜ୍ୟରେ ଦ୍ୱିତୀୟ ସ୍ଥାନ ଅଧିକାର କରିଛନ୍ତି । ଏହି ସଫଳତାର ଶ୍ରେୟ ଗୁରୁଜନଙ୍କୁ ଦେଇଛନ୍ତି ।

ନେହାଙ୍କ ଲକ୍ଷ୍ୟ ଚାର୍ଟାର୍ଡ ଆକାଉଣ୍ଟାଣ୍ଟ

ଯୁକ୍ତଦୁଇ ବାଣିଜ୍ୟରେ ୫୩୪ନମ୍ବର ରଖି ୧୦ମ ସ୍ଥାନ ଅଧିକାର କରିଥିବା ରେଭେନ୍ସା ଜୁନିୟର କଲେଜର ଛାତ୍ରୀ ନେହା ଦାଶ ଚାର୍ଟାର୍ଡ ଆକାଉଣ୍ଟାଣ୍ଟ ହେବାକୁ ଲକ୍ଷ୍ୟ ରଖିଛନ୍ତି । ଦିନକୁ ୧୦ରୁ ୧୨ ଘଣ୍ଟା ପରିଶ୍ରମ କରୁଥିଲେ ।

ବ୍ୟାଙ୍କ ଚାକିରି କରିବେ ସୋନାଲି

ବ୍ୟାଙ୍କ ଚାକିରି କରିବି ବୋଲି କହିଛନ୍ତି ସୋନାଲି ଶର୍ମା । ସମ୍ବଲପୁର ଜିଏମ୍ ଜୁନିୟର କଲେଜର ଛାତ୍ରୀ ସୋନାଲି ୫୩୮ ନମ୍ବର ରଖି ୭ମ ସ୍ଥାନ ଅଧିକାର କରିଛନ୍ତି ।

ରାଜନୀତି କରିବେ ଯୋଗେଶ

ଚାର୍ଟାର୍ଡ ଆକାଉଣ୍ଟାଣ୍ଟ ହେବା ସହ ରାଜନୀତି କରିବି ବୋଲି କହିଛନ୍ତି ଯୋଗେଶ ସର୍ଦ୍ଦା । ସମ୍ବଲପୁର ଜି.ଏମ୍ ଜୁନିୟର କଲେଜର ଛାତ୍ର ଯୋଗେଶ ୫୩୭ ନମ୍ବର ରଖି ୮ମ ସ୍ଥାନ ହାସଲ କରିଛନ୍ତି । ସଫଳତାର ଶ୍ରେୟ ମା,ବାପାଙ୍କ ସମେତ ଗୁରୁଜନ ଓ ଶିକ୍ଷକଙ୍କୁ ଦେଇଛନ୍ତି ।

ଚାର୍ଟାର୍ଡ ଆକାଉଣ୍ଟାଣ୍ଟ ହେବାକୁ କରନଙ୍କ ଇଚ୍ଛା

ମୁଁ ଚାର୍ଟାର୍ଡ ଆକାଉଣ୍ଟାଣ୍ଟ ହେବାକୁ ଲକ୍ଷ୍ୟ ରଖିଛି । କ୍ରିକେଟ ଖେଳକୁ ଭଲ ପାଆନ୍ତି ବୋଲି କହିଛନ୍ତି । ସଫଳତାର ଶ୍ରେୟ ସେ ଶିକ୍ଷକ ପାଠବାସ ପଣ୍ଡାଙ୍କୁ ଦେଇଛନ୍ତି । ମା ସଙ୍ଗୀତା ଅଗ୍ରୱାଲ, ଔଷଧ ବ୍ୟବସାୟୀ ବାପା ମୋତିଲାଲ ଅଗ୍ରୱାଲ ଓ କାକା ଭକ୍ତପ୍ରସାଦ ଅଗ୍ରୱାଲଙ୍କ ପ୍ରେରଣା ମଧ୍ୟ ସଫଳତା ପାଇଁ କିଛି କମ ନୁହେଁ ବୋଲି କହିଛନ୍ତି ।

ଡାକ୍ତର ହେବେ ସତୀଶ୍

ଯୁକ୍ତ ଦୁଇ ବିଜ୍ଞାନ ବିଭାଗରେ ଆଠଗଡ଼ର ଛାତ୍ର ସତୀଶ ରଞ୍ଜନ ଲେଙ୍କା ସମଗ୍ର ରାଜ୍ୟରେ ସପ୍ତମ ସ୍ଥାନ ହାସଲ କରିବା ସହ ଭବିଷ୍ୟତରେ ଜଣେ ଡାକ୍ତର ହେବାକୁ ଲକ୍ଷ୍ୟ ରଖିଛନ୍ତି । ତାଙ୍କ ମାତାଙ୍କ ନାମ ମମତାରାଣୀ ଲେଙ୍କା ଓ ପିତାଙ୍କ ନାମ ଶରତ କୁମାର ଲେଙ୍କା ।

କଳା
ଅଧ୍ୟାପିକା ହେବି: ଦେବସ୍ମିତା

କଳାରେ ଟପ୍ପର ହୋଇଥିବା ଦେବସ୍ମିତା ଷଡ଼ଙ୍ଗୀ ଭବିଷ୍ୟତରେ ଅଧ୍ୟାପିକା ହେବା ପାଇଁ ଲକ୍ଷ୍ୟ ରଖିଛନ୍ତି । ଏହି ସଫଳତାର ଶ୍ରେୟ ସେ ମାତାପିତା, ଅଧ୍ୟାପକ ଏବଂ ଭଗବାନଙ୍କୁ ଦେଇଛନ୍ତି । ଟ୍ୟୁଶନକୁ ଛାଡି ଦୈନିକ ୪ରୁ ୫ ଘଣ୍ଟା ପରିଶ୍ରମ କରୁଥିଲେ । ପରିଶ୍ରମର ଫଳ କେବେ ବୃଥା ଯାଏନାହିଁ ବୋଲି କଟକ ତୁଳସୀପୁର ଅଞ୍ଚଳର ବାସିନ୍ଦା ଆଡ୍ଭୋକେଟ ଡ଼ ବିଦ୍ୟୁତ ରଞ୍ଜନ ଷଡ଼ଙ୍ଗୀ ଓ ନିରୁପମା ଷଡ଼ଙ୍ଗୀଙ୍କ କନ୍ୟା ଦେବସ୍ମିତା କହିଛନ୍ତି ।

ଅଧ୍ୟାପିକା ହେବେ ପ୍ରୀତିନନ୍ଦା

ଫକୀରମୋହନ ଜୁନିୟର କଲେଜର ଛାତ୍ରୀ ପ୍ରୀତିନନ୍ଦା ପଣ୍ଡା ପରୀକ୍ଷା ପାଇଁ ଦୈନିକ ୭ରୁ ୮ ଘଣ୍ଟା ପରିଶ୍ରମ କରୁଥିଲେ । ଯୁକ୍ତ ଦୁଇ କଳାରେ ୫୧୫ ନମ୍ବର ରଖି ଦ୍ୱିତୀୟ ସ୍ଥାନ ଅଧିକାର କରିଛନ୍ତି । ଭବିଷ୍ୟତରେ ଅଧ୍ୟାପିକା ହେବାକୁ ଲକ୍ଷ୍ୟ ରଖିଛନ୍ତି ।

ମନସ୍ତତ୍ତ୍ୱବିତ୍ ହେବେ ସାବିନା

ଫକୀରମୋହନ ଜୁନିୟର କଲେଜର ଛାତ୍ରୀ ସାବିନା ମଣ୍ଡଳ ପରୀକ୍ଷା ପାଇଁ ଦୈନିକ ୬ରୁ ୭ ଘଣ୍ଟା ପଢୁଥିଲେ । ଯୁକ୍ତ ୨ରେ ୪୯୭ ନମ୍ବର ରଖି ୬ଷ୍ଠ ସ୍ଥାନ ହାସଲ କରିଛନ୍ତି । ଭବିଷ୍ୟତରେ ମନସ୍ତତ୍ତ୍ୱବିତ୍ ହେବାକୁ ଲକ୍ଷ୍ୟ ରଖିଛନ୍ତି ।

ସ୍ୱାଗତିକାଙ୍କ ଇଚ୍ଛା ବ୍ୟାଙ୍କ ପି.ଓ.

ଅଧ୍ୟାପନାରେ ପାଠ ନିଜେ ବୋଲି କୁହନ୍ତି ସ୍ୱାଗତିକା । ପରୀକ୍ଷା ପାଇଁ ସେ ଦିନକୁ ୧୦ରୁ ୧୨ ଘଣ୍ଟା ପରିଶ୍ରମ କରୁଥିଲେ । ଭବିଷ୍ୟତରେ ସେ ବ୍ୟାଙ୍କ ପି.ଓ. ହେବାକୁ ଇଚ୍ଛା ରଖିଛନ୍ତି ।

ଅଧ୍ୟାପକ ହେବେ ସ୍ମୃତିରଞ୍ଜନ

ଉଚ୍ଚ ଶିକ୍ଷା ଲାଭ କରି ଭବିଷ୍ୟତରେ ଅଧ୍ୟାପକ ହେବି ବୋଲି କହିଛନ୍ତି ସ୍ମୃତିରଞ୍ଜନ ଭରସାଗର । ଡୁଙ୍ଗୁରିପାଲି ଡିପି କଲେଜର ଛାତ୍ର ସ୍ମୃତିରଞ୍ଜନ ୪୯୩ ନମ୍ବର ରଖି ୮ମ ସ୍ଥାନ ଅଧିକାର କରିଛନ୍ତି ।

ଲେଖିକା ହେବେ ସଦ୍ଭାବନା

ରମାଦେବୀ ଜୁନିୟର କଲେଜର ଛାତ୍ରୀ ସଦ୍ଭାବନା ଦାଶ ୫୦୨ ନମ୍ବର ରଖି ୫ମ ସ୍ଥାନ ଅଧିକାର କରିଛନ୍ତି । ସେ ଭବିଷ୍ୟତରେ ଜଣେ ଲେଖିକା ହେବେ ବୋଲି ଲକ୍ଷ୍ୟ ଧାର୍ଯ୍ୟ କରିଛନ୍ତି । ଆଶାନୁଯାୟୀ ଫଳ ପାଇ ନ ଥିବା ସେ କହିଛନ୍ତି । ସେ ସଫଳତାର ଶ୍ରେୟ ମା'ବାପା ଏବଂ ବିଦ୍ୟାଳୟର ଶିକ୍ଷୟିତ୍ରୀଶିକ୍ଷକମାନଙ୍କୁ ଦେଇଛନ୍ତି । ପରୀକ୍ଷା ପୂର୍ବରୁ ସେ ଦିନକୁ ୫ରୁ ୬ ଘଣ୍ଟା ପରିଶ୍ରମ କରୁଥିଲେ ବୋଲି କୁହନ୍ତି ।

ଆଇଏଏସ୍ ହେବି: ଆଦିତି

ଯୁକ୍ତ ଦୁଇ କଳାରେ ୫୦୨ ନମ୍ବର ରଖି ୫ମ ସ୍ଥାନ ହାସଲ କରିଥିବା ଶୈଳବାଳା ମହିଳା ମହାବିଦ୍ୟାଳୟର ଛାତ୍ରୀ ଆଦିତି ରାଉତ ଆଇଏଏସ୍ ହେବାକୁ ଲକ୍ଷ୍ୟ ରଖିଛନ୍ତି । ପରୀକ୍ଷା ପାଇଁ ଦିନକୁ ସେ ୧୦ରୁ ୧୨ ଘଣ୍ଟା ପରିଶ୍ରମ କରୁଥିଲେ ବୋଲି କଟକ ସୁତାହାଟ ଅଞ୍ଚଳର ବାସିନ୍ଦା ଆଶିଷ ରାଉତଓ ମମତାଙ୍କ କନ୍ୟା ଆଦିତି କହିଛନ୍ତି । ଏହି ସଫଳତା ପାଇଁ ସେ ଭଗବାନ, ପିତାମାତା ଓ କଲେଜ ଅଧ୍ୟାପକଙ୍କୁ ଶ୍ରେୟ ଦେଇଛନ୍ତି ।

ଆଇନଜ୍ଞ ହେବି: ନୈନା

ରେଭେନ୍ସା ଜୁନିୟର କେଲଜର ଛାତ୍ରୀ ନୈନା ଚୌଧୁରୀ ଭବିଷ୍ୟତରେ ଜଣେ ଆଇନଜ୍ଞ ହେବାକୁ ଲକ୍ଷ୍ୟ ରଖିଛନ୍ତି । ସେଥିପାଇଁ ସେ ୫ ବର୍ଷିଆ ଇଣ୍ଟିଗ୍ରେଟେଡ କୋର୍ସ କରିବେ ବୋଲି କହିଛନ୍ତି । ଟ୍ୟୁଶନ ଛଡା ଦିନକୁ ୧୦ରୁ ୧୨ ଘଣ୍ଟା ପରିଶ୍ରମ କରୁଥିଲେ ।

ଶିକ୍ଷୟିତ୍ରୀ ହେବି: ନିବେଦିତା

ନିବେଦିତା ସାହୁ ଭବିଷ୍ୟତରେ ଶିକ୍ଷୟିତ୍ରୀ ହେବା ପାଇଁ ଇଚ୍ଛା ରଖିଛନ୍ତି । ନୂଆଗାଁ ମହାବିଦ୍ୟାଳୟର ଛାତ୍ରୀ ନିବେଦିତା ୪୯୩ ନମ୍ବର ରଖି ୮ମ ସ୍ଥାନ ଅଧିକାର କରିଛନ୍ତି ।

ପ୍ରଫେସର ହେବେ ନଳିନୀକାନ୍ତ

ନଳିନୀକାନ୍ତ ପାଢୀ ଭବିଷ୍ୟତରେ ପ୍ରଫେସର ହେବା ପାଇଁ ଲକ୍ଷ୍ୟ ରଖିଛନ୍ତି । ଆଭାନା ବି. ମହାବିଦ୍ୟାଳୟର ଛାତ୍ର ନଳିନୀକାନ୍ତ ୪୯୩ ନମ୍ବର ରଖି ୮ମ ସ୍ଥାନ ହାସଲ କରିଛନ୍ତି ।

ଅଧ୍ୟାପିକା ହେବାକୁ ଇଚ୍ଛା

ବ୍ରହ୍ମପୁର ମହାବିଦ୍ୟାଳୟର ଛାତ୍ରୀ ଶ୍ରଦ୍ଧାଞ୍ଜଳି ମହାପାତ୍ର ଯୁକ୍ତ୨ କଳାରେ ୭ମ ସ୍ଥାନ ଅଧିକାର କରିଛନ୍ତି । ସର୍ବମୋଟ ୪୯୫ ନମ୍ବର ରଖିଥିବା ଶ୍ରଦ୍ଧାଞ୍ଜଳି ଭବିଷ୍ୟତରେ ଜଣେ ଅଧ୍ୟାପିକା ହେବାର ଲକ୍ଷ୍ୟ ରଖିଛନ୍ତି । ତାଙ୍କର ଏହି ସଫଳତା ପାଇଁ ସେ ବାପା-ମାଆ ଓ କଲେଜର ଅଧ୍ୟାପିକା ଅଧ୍ୟାପକଙ୍କୁ ଶ୍ରେୟ ଦେଇଛନ୍ତି ।

ଆଇଏଏସ୍ ହେବି:ବାସନ୍ତି

ଡାକ୍ତର ଯଦୁନାଥ ମହାବିଦ୍ୟାଳୟ ରସାଳପୁରର ଛାତ୍ରୀ ବାସନ୍ତି ଦାସ ଯୁକ୍ତ ୨ କଳାରେ ୩ୟ ସ୍ଥାନ ଅଧିକାର କରିଛନ୍ତି । ଏଥିପାଇଁ ସେ ଦୈନିକ ୮ରୁ ୯ଘଣ୍ଟା ପରିଶ୍ରମ କରୁଥିଲେ । ସର୍ବମୋଟ ୫୧୪ ନମ୍ବର ରଖିଥିବା ବାସନ୍ତୀ ନିଜର ଦୃଢ଼ ମନୋବଳ ଓ କଠିନ ପରିଶ୍ରମ ଯୋଗୁଁ ଏହି ସଫଳତା ଲାଭ କରିଛନ୍ତି ବୋଲି କହିଛନ୍ତି । ସେ ଭବିଷ୍ୟତରେ ଜଣେ ଆଇଏଏସ ଅଫିସର ହେବା ପାଇଁ ଲକ୍ଷ୍ୟ ରଖିଛନ୍ତି ।
